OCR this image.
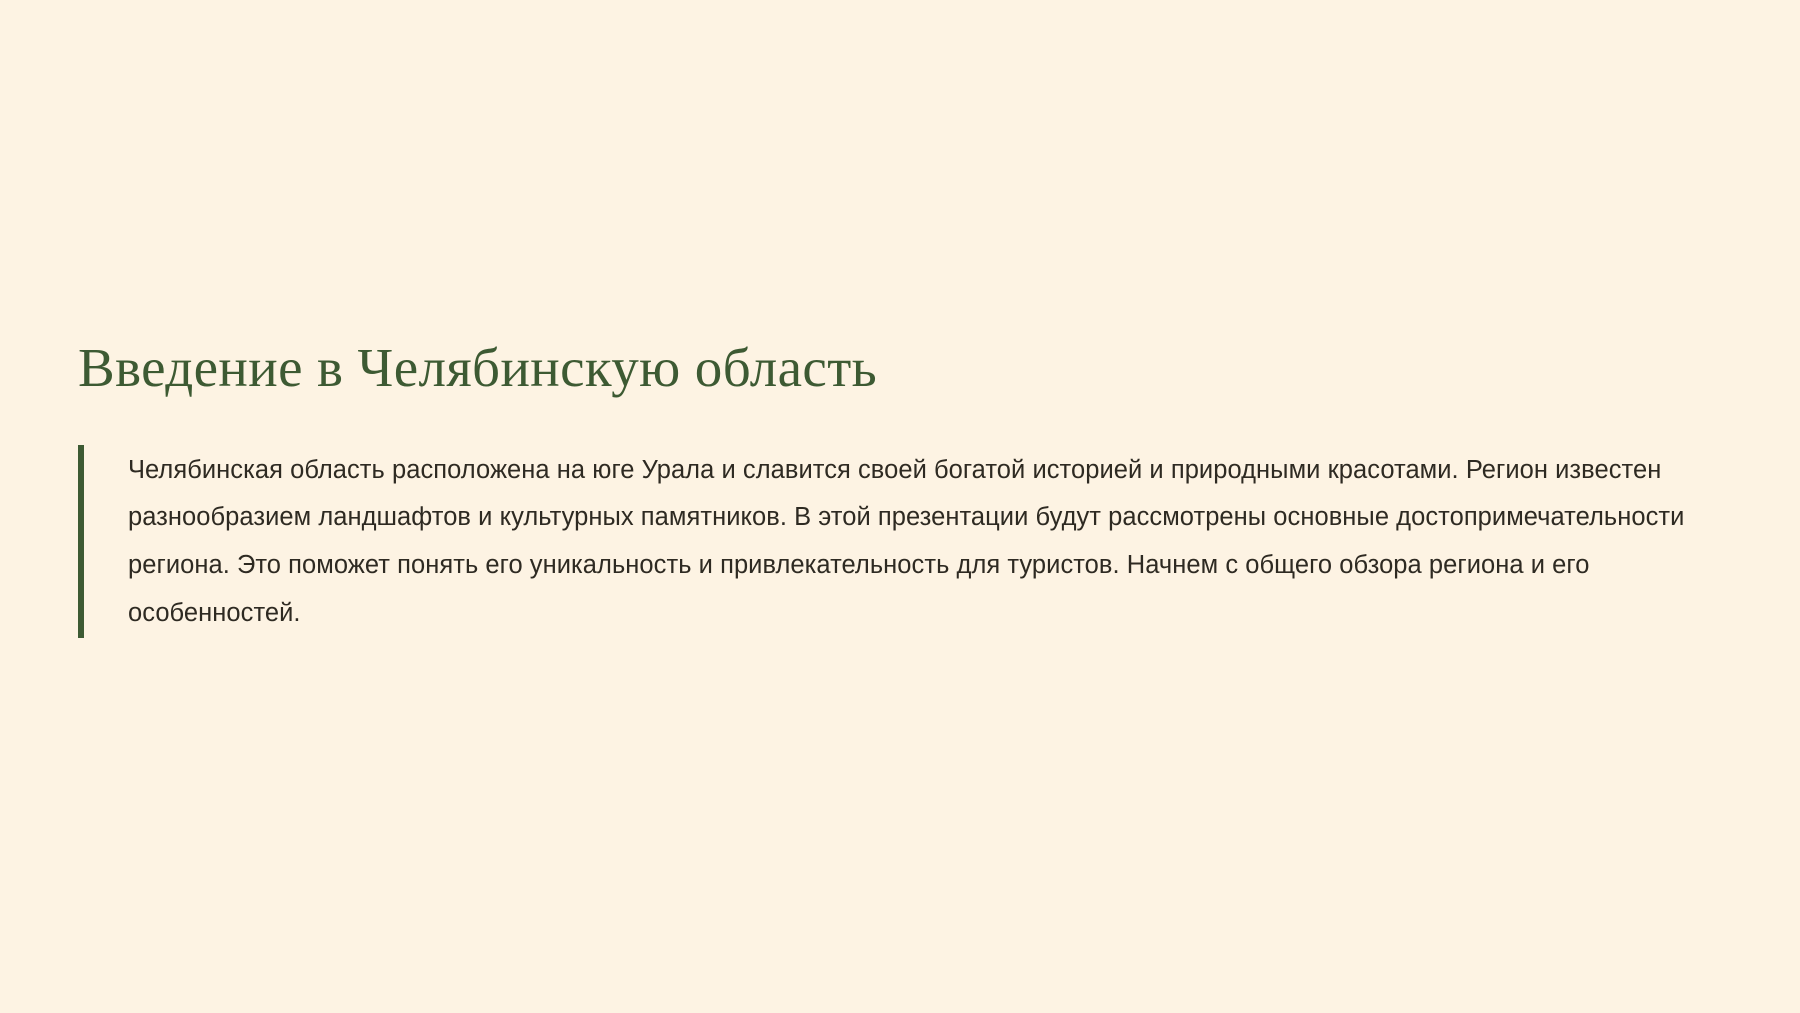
Введение в Челябинскую область

Челябинская область расположена на юге Урала и славится своей богатой историей и природными красотами. Регион известен разнообразием ландшафтов и культурных памятников. В этой презентации будут рассмотрены основные достопримечательности региона. Это поможет понять его уникальность и привлекательность для туристов. Начнем с общего обзора региона и его особенностей.
